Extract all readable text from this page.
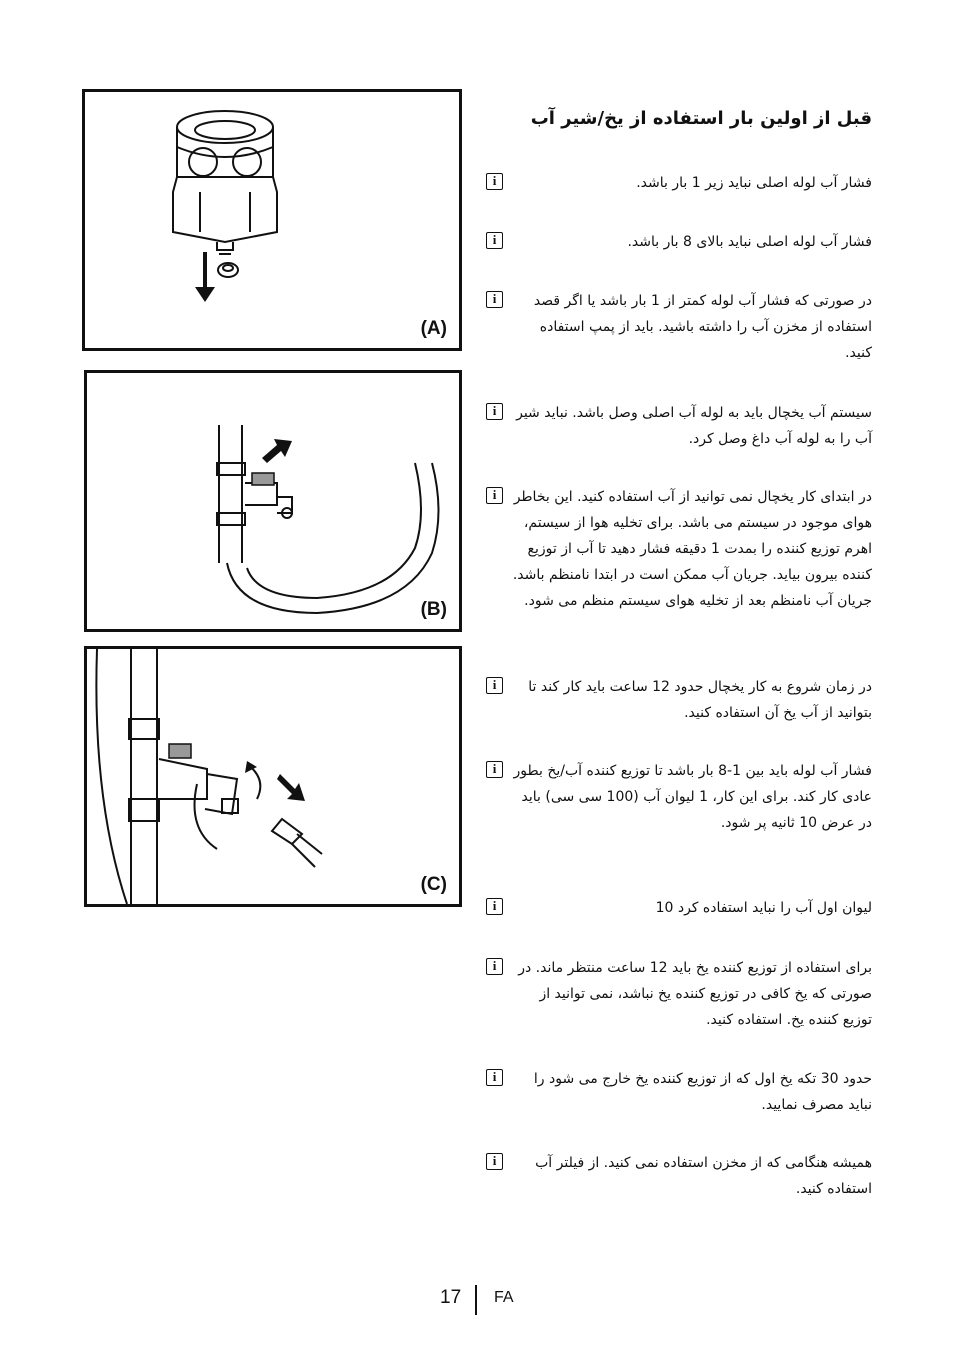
(A)
(B)
(C)
قبل از اولین بار استفاده از یخ/شیر آب
i
فشار آب لوله اصلی نباید زیر 1 بار باشد.
i
فشار آب لوله اصلی نباید بالای 8 بار باشد.
i
در صورتی که فشار آب لوله کمتر از 1 بار باشد یا اگر قصد استفاده از مخزن آب را داشته باشید. باید از پمپ استفاده کنید.
i
سیستم آب یخچال باید به لوله آب اصلی وصل باشد. نباید شیر آب را به لوله آب داغ وصل کرد.
i
در ابتدای کار یخچال نمی توانید از آب استفاده کنید. این بخاطر هوای موجود در سیستم می باشد. برای تخلیه هوا از سیستم، اهرم توزیع کننده را بمدت 1 دقیقه فشار دهید تا آب از توزیع کننده بیرون بیاید. جریان آب ممکن است در ابتدا نامنظم باشد. جریان آب نامنظم بعد از تخلیه هوای سیستم منظم می شود.
i
در زمان شروع به کار یخچال حدود 12 ساعت باید کار کند تا بتوانید از آب یخ آن استفاده کنید.
i
فشار آب لوله باید بین 1-8 بار باشد تا توزیع کننده آب/یخ بطور عادی کار کند. برای این کار، 1 لیوان آب (100 سی سی) باید در عرض 10 ثانیه پر شود.
i
لیوان اول آب را نباید استفاده کرد 10
i
برای استفاده از توزیع کننده یخ باید 12 ساعت منتظر ماند. در صورتی که یخ کافی در توزیع کننده یخ نباشد، نمی توانید از توزیع کننده یخ. استفاده کنید.
i
حدود 30 تکه یخ اول که از توزیع کننده یخ خارج می شود را نباید مصرف نمایید.
i
همیشه هنگامی که از مخزن استفاده نمی کنید. از فیلتر آب استفاده کنید.
17 FA
